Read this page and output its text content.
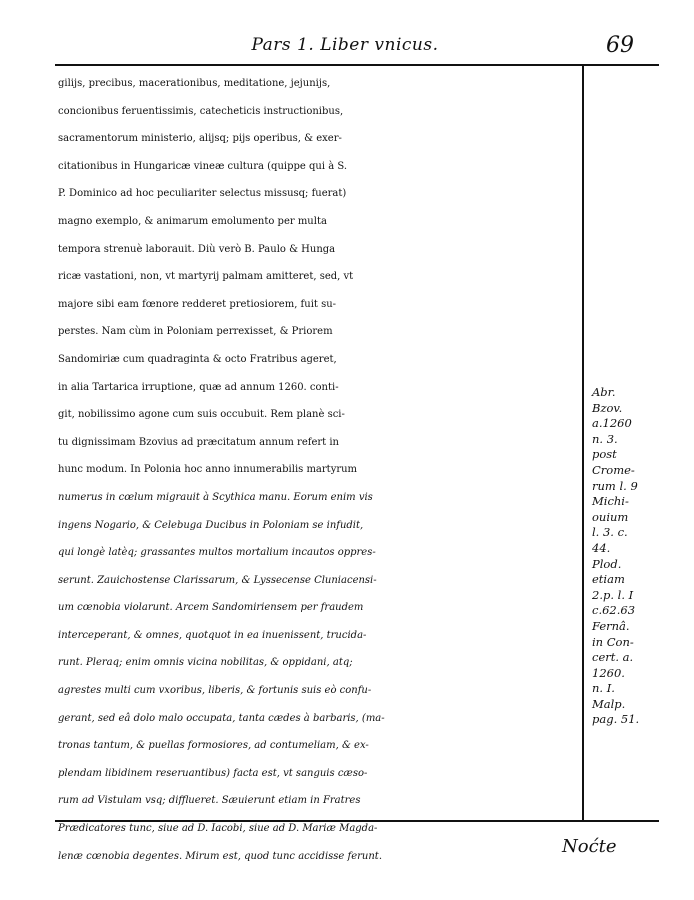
Pars 1. Liber vnicus.	69
gilijs, precibus, macerationibus, meditatione, jejunijs,
concionibus feruentissimis, catecheticis instructionibus,
sacramentorum ministerio, alijsq; pijs operibus, & exer-
citationibus in Hungaricæ vineæ cultura (quippe qui à S.
P. Dominico ad hoc peculiariter selectus missusq; fuerat)
magno exemplo, & animarum emolumento per multa
tempora strenuè laborauit. Diù verò B. Paulo & Hunga
ricæ vastationi, non, vt martyrij palmam amitteret, sed, vt
majore sibi eam fœnore redderet pretiosiorem, fuit su-
perstes. Nam cùm in Poloniam perrexisset, & Priorem
Sandomiriæ cum quadraginta & octo Fratribus ageret,
in alia Tartarica irruptione, quæ ad annum 1260. conti-
git, nobilissimo agone cum suis occubuit. Rem planè sci-
tu dignissimam Bzovius ad præcitatum annum refert in
hunc modum. In Polonia hoc anno innumerabilis martyrum
numerus in cœlum migrauit à Scythica manu. Eorum enim vis
ingens Nogario, & Celebuga Ducibus in Poloniam se infudit,
qui longè latèq; grassantes multos mortalium incautos oppres-
serunt. Zauichostense Clarissarum, & Lyssecense Cluniacensi-
um cœnobia violarunt. Arcem Sandomiriensem per fraudem
interceperant, & omnes, quotquot in ea inuenissent, trucida-
runt. Pleraq; enim omnis vicina nobilitas, & oppidani, atq;
agrestes multi cum vxoribus, liberis, & fortunis suis eò confu-
gerant, sed eâ dolo malo occupata, tanta cædes à barbaris, (ma-
tronas tantum, & puellas formosiores, ad contumeliam, & ex-
plendam libidinem reseruantibus) facta est, vt sanguis cæso-
rum ad Vistulam vsq; difflueret. Sæuierunt etiam in Fratres
Prædicatores tunc, siue ad D. Iacobi, siue ad D. Mariæ Magda-
lenæ cœnobia degentes. Mirum est, quod tunc accidisse ferunt.
Abr.
Bzov.
a.1260
n. 3.
post
Crome-
rum l. 9
Michi-
ouium
l. 3. c.
44.
Plod.
etiam
2.p. l. I
c.62.63
Fernâ.
in Con-
cert. a.
1260.
n. I.
Malp.
pag. 51.
Noćte
